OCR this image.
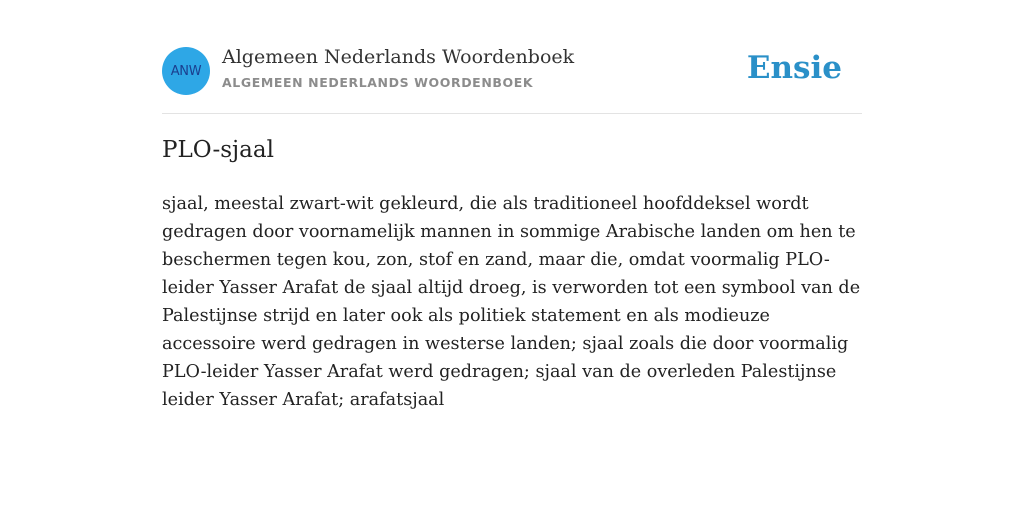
ANW
Algemeen Nederlands Woordenboek
ALGEMEEN NEDERLANDS WOORDENBOEK	Ensie
PLO-sjaal

sjaal, meestal zwart-wit gekleurd, die als traditioneel hoofddeksel wordt gedragen door voornamelijk mannen in sommige Arabische landen om hen te beschermen tegen kou, zon, stof en zand, maar die, omdat voormalig PLO-leider Yasser Arafat de sjaal altijd droeg, is verworden tot een symbool van de Palestijnse strijd en later ook als politiek statement en als modieuze accessoire werd gedragen in westerse landen; sjaal zoals die door voormalig PLO-leider Yasser Arafat werd gedragen; sjaal van de overleden Palestijnse leider Yasser Arafat; arafatsjaal
